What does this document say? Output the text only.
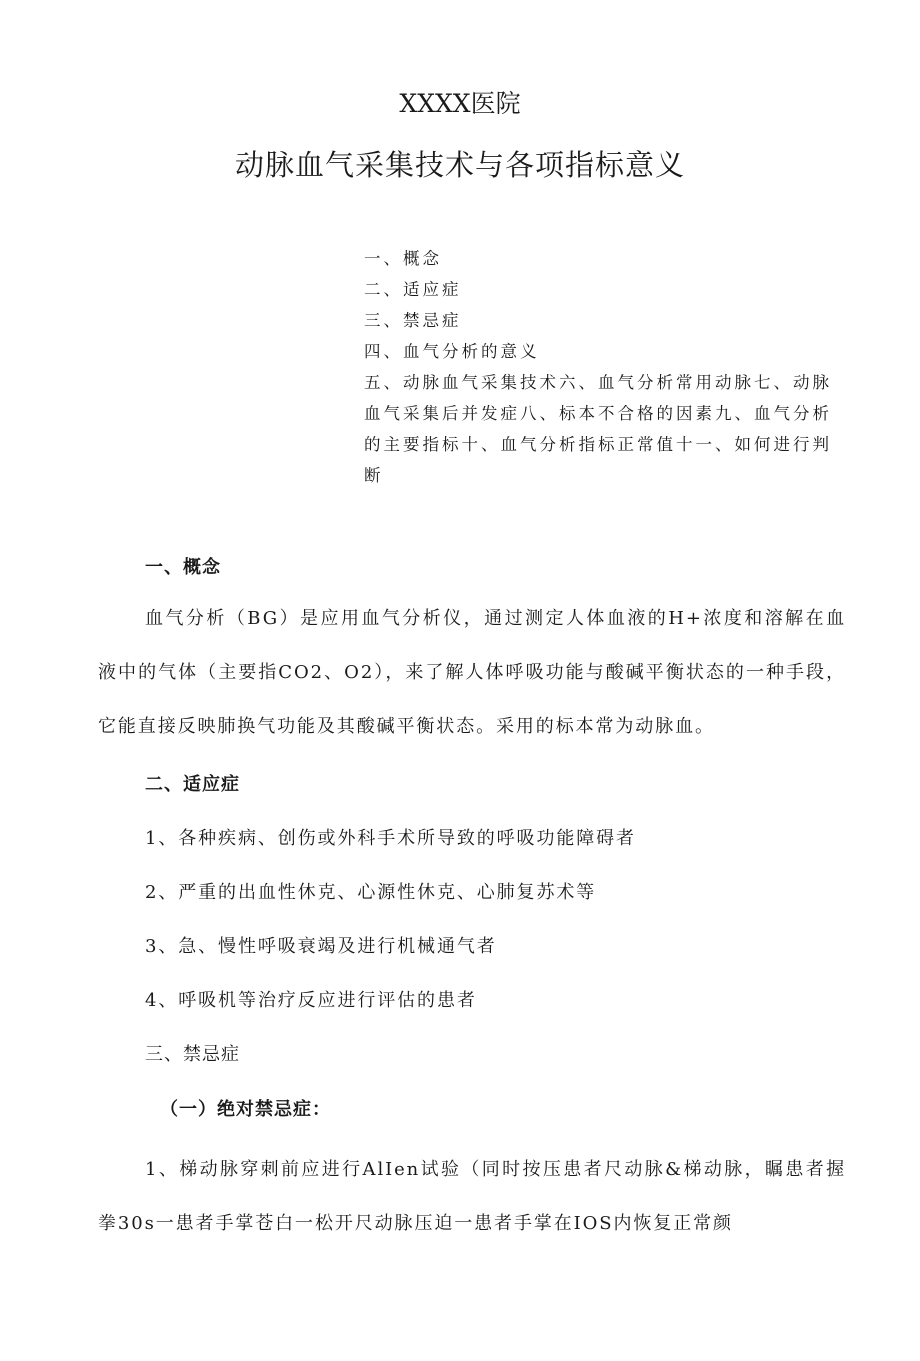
XXXX医院
动脉血气采集技术与各项指标意义
一、概念
二、适应症
三、禁忌症
四、血气分析的意义
五、动脉血气采集技术六、血气分析常用动脉七、动脉血气采集后并发症八、标本不合格的因素九、血气分析的主要指标十、血气分析指标正常值十一、如何进行判断
一、概念
血气分析（BG）是应用血气分析仪，通过测定人体血液的H+浓度和溶解在血液中的气体（主要指CO2、O2），来了解人体呼吸功能与酸碱平衡状态的一种手段，它能直接反映肺换气功能及其酸碱平衡状态。采用的标本常为动脉血。
二、适应症
1、各种疾病、创伤或外科手术所导致的呼吸功能障碍者
2、严重的出血性休克、心源性休克、心肺复苏术等
3、急、慢性呼吸衰竭及进行机械通气者
4、呼吸机等治疗反应进行评估的患者
三、禁忌症
（一）绝对禁忌症：
1、梯动脉穿刺前应进行AlIen试验（同时按压患者尺动脉&梯动脉，瞩患者握拳30s一患者手掌苍白一松开尺动脉压迫一患者手掌在IOS内恢复正常颜
